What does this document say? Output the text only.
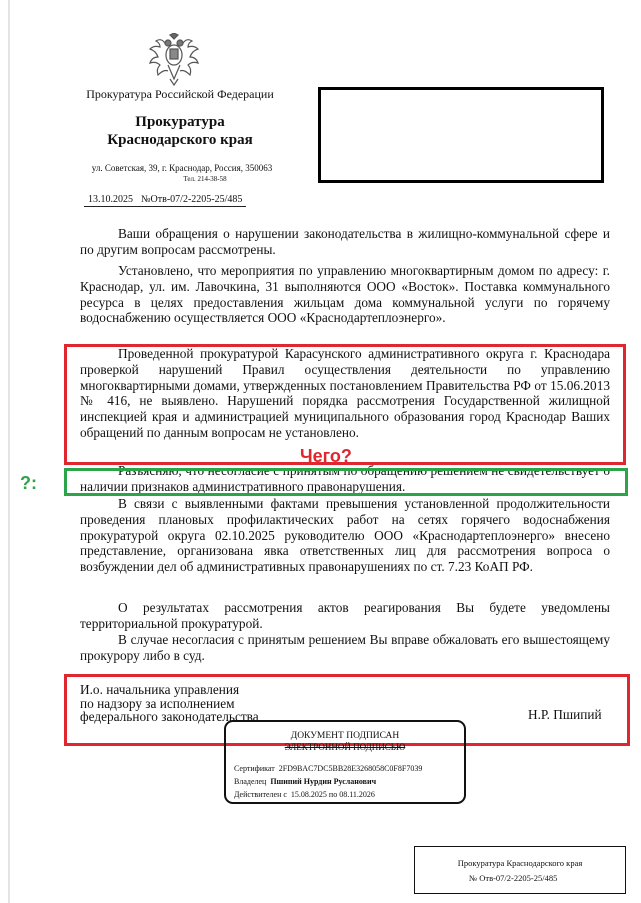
Прокуратура Российской Федерации
Прокуратура
Краснодарского края
ул. Советская, 39, г. Краснодар, Россия, 350063
Тел. 214-38-58
13.10.2025 №Отв-07/2-2205-25/485

Ваши обращения о нарушении законодательства в жилищно-коммунальной сфере и по другим вопросам рассмотрены.

Установлено, что мероприятия по управлению многоквартирным домом по адресу: г. Краснодар, ул. им. Лавочкина, 31 выполняются ООО «Восток». Поставка коммунального ресурса в целях предоставления жильцам дома коммунальной услуги по горячему водоснабжению осуществляется ООО «Краснодартеплоэнерго».

Проведенной прокуратурой Карасунского административного округа г. Краснодара проверкой нарушений Правил осуществления деятельности по управлению многоквартирными домами, утвержденных постановлением Правительства РФ от 15.06.2013 № 416, не выявлено. Нарушений порядка рассмотрения Государственной жилищной инспекцией края и администрацией муниципального образования город Краснодар Ваших обращений по данным вопросам не установлено.

Разъясняю, что несогласие с принятым по обращению решением не свидетельствует о наличии признаков административного правонарушения.

В связи с выявленными фактами превышения установленной продолжительности проведения плановых профилактических работ на сетях горячего водоснабжения прокуратурой округа 02.10.2025 руководителю ООО «Краснодартеплоэнерго» внесено представление, организована явка ответственных лиц для рассмотрения вопроса о возбуждении дел об административных правонарушениях по ст. 7.23 КоАП РФ.

О результатах рассмотрения актов реагирования Вы будете уведомлены территориальной прокуратурой.

В случае несогласия с принятым решением Вы вправе обжаловать его вышестоящему прокурору либо в суд.

?:
Чего?
И.о. начальника управления
по надзору за исполнением
федерального законодательства	Н.Р. Пшипий
ДОКУМЕНТ ПОДПИСАН
ЭЛЕКТРОННОЙ ПОДПИСЬЮ
Сертификат 2FD9BAC7DC5BB28E3268058C0F8F7039
Владелец Пшипий Нурдин Русланович
Действителен с 15.08.2025 по 08.11.2026
Прокуратура Краснодарского края
№ Отв-07/2-2205-25/485
